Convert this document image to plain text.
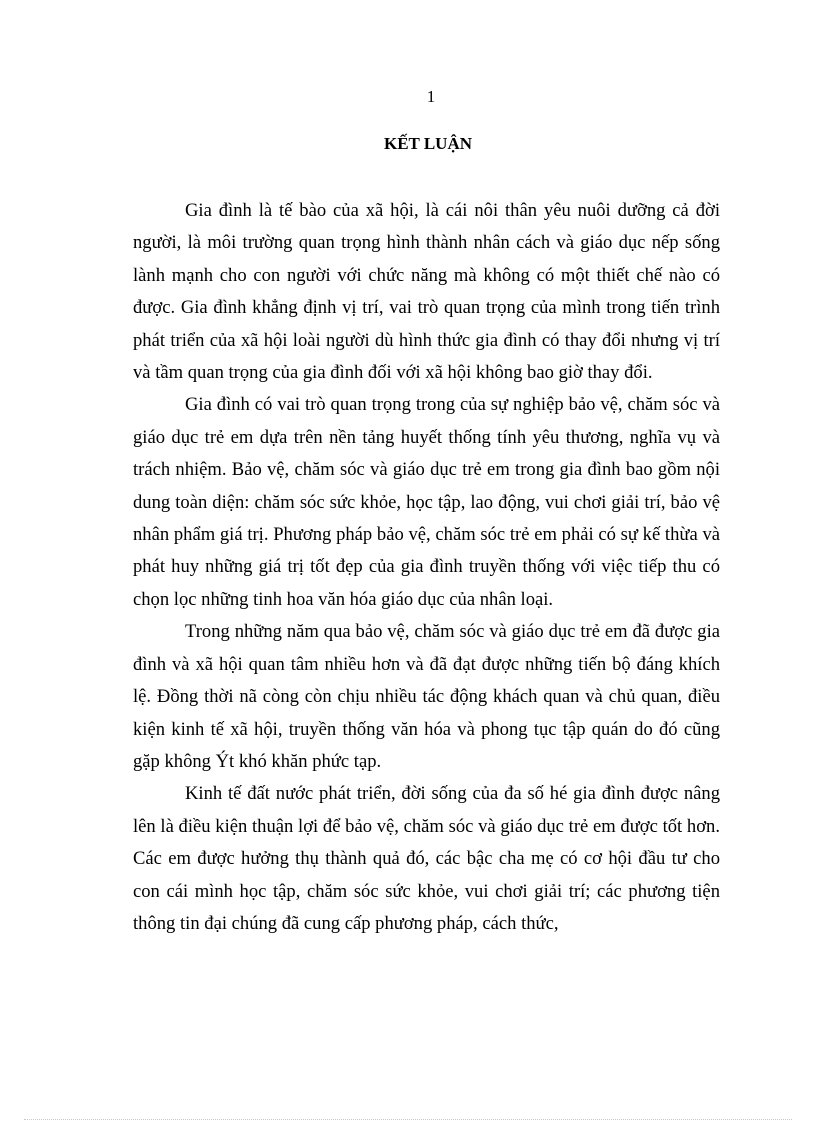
1
KẾT LUẬN

Gia đình là tế bào của xã hội, là cái nôi thân yêu nuôi dưỡng cả đời người, là môi trường quan trọng hình thành nhân cách và giáo dục nếp sống lành mạnh cho con người với chức năng mà không có một thiết chế nào có được. Gia đình khẳng định vị trí, vai trò quan trọng của mình trong tiến trình phát triển của xã hội loài người dù hình thức gia đình có thay đổi nhưng vị trí và tầm quan trọng của gia đình đối với xã hội không bao giờ thay đổi.

Gia đình có vai trò quan trọng trong của sự nghiệp bảo vệ, chăm sóc và giáo dục trẻ em dựa trên nền tảng huyết thống tính yêu thương, nghĩa vụ và trách nhiệm. Bảo vệ, chăm sóc và giáo dục trẻ em trong gia đình bao gồm nội dung toàn diện: chăm sóc sức khỏe, học tập, lao động, vui chơi giải trí, bảo vệ nhân phẩm giá trị. Phương pháp bảo vệ, chăm sóc trẻ em phải có sự kế thừa và phát huy những giá trị tốt đẹp của gia đình truyền thống với việc tiếp thu có chọn lọc những tinh hoa văn hóa giáo dục của nhân loại.

Trong những năm qua bảo vệ, chăm sóc và giáo dục trẻ em đã được gia đình và xã hội quan tâm nhiều hơn và đã đạt được những tiến bộ đáng khích lệ. Đồng thời nã còng còn chịu nhiều tác động khách quan và chủ quan, điều kiện kinh tế xã hội, truyền thống văn hóa và phong tục tập quán do đó cũng gặp không Ýt khó khăn phức tạp.

Kinh tế đất nước phát triển, đời sống của đa số hé gia đình được nâng lên là điều kiện thuận lợi để bảo vệ, chăm sóc và giáo dục trẻ em được tốt hơn. Các em được hưởng thụ thành quả đó, các bậc cha mẹ có cơ hội đầu tư cho con cái mình học tập, chăm sóc sức khỏe, vui chơi giải trí; các phương tiện thông tin đại chúng đã cung cấp phương pháp, cách thức,
